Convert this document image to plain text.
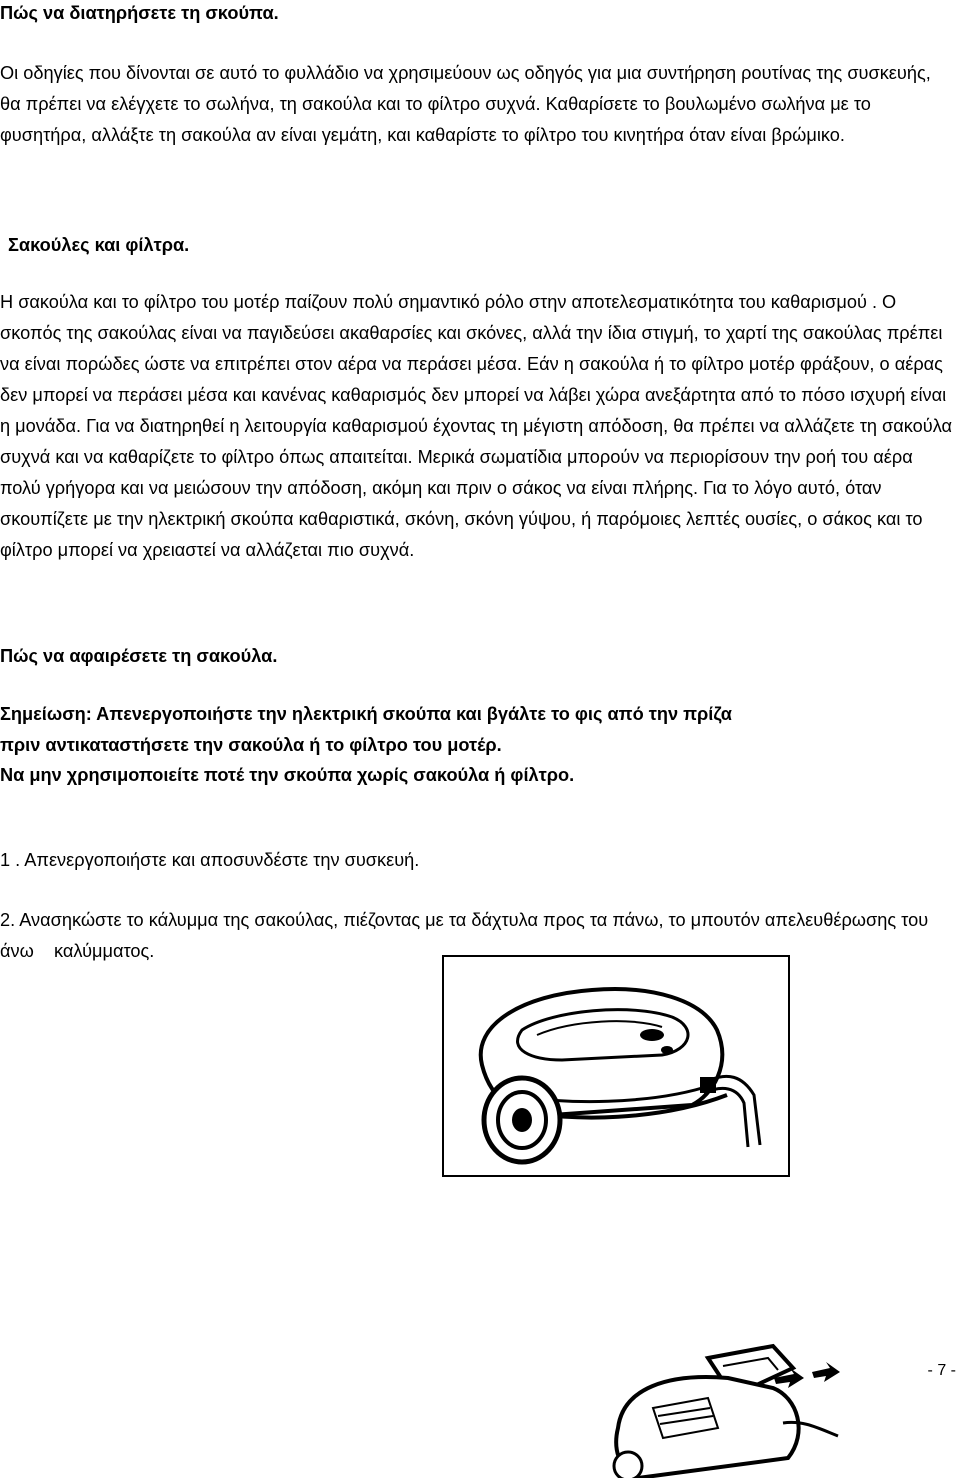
Πώς να διατηρήσετε τη σκούπα.

Οι οδηγίες που δίνονται σε αυτό το φυλλάδιο να χρησιμεύουν ως οδηγός για μια συντήρηση ρουτίνας της συσκευής, θα πρέπει να ελέγχετε το σωλήνα, τη σακούλα και το φίλτρο συχνά. Καθαρίσετε το βουλωμένο σωλήνα με το φυσητήρα, αλλάξτε τη σακούλα αν είναι γεμάτη, και καθαρίστε το φίλτρο του κινητήρα όταν είναι βρώμικο.

Σακούλες και φίλτρα.

Η σακούλα και το φίλτρο του μοτέρ παίζουν πολύ σημαντικό ρόλο στην αποτελεσματικότητα του καθαρισμού . Ο σκοπός της σακούλας είναι να παγιδεύσει ακαθαρσίες και σκόνες, αλλά την ίδια στιγμή, το χαρτί της σακούλας πρέπει να είναι πορώδες ώστε να επιτρέπει στον αέρα να περάσει μέσα. Εάν η σακούλα ή το φίλτρο μοτέρ φράξουν, ο αέρας δεν μπορεί να περάσει μέσα και κανένας καθαρισμός δεν μπορεί να λάβει χώρα ανεξάρτητα από το πόσο ισχυρή είναι η μονάδα. Για να διατηρηθεί η λειτουργία καθαρισμού έχοντας τη μέγιστη απόδοση, θα πρέπει να αλλάζετε τη σακούλα συχνά και να καθαρίζετε το φίλτρο όπως απαιτείται. Μερικά σωματίδια μπορούν να περιορίσουν την ροή του αέρα πολύ γρήγορα και να μειώσουν την απόδοση, ακόμη και πριν ο σάκος να είναι πλήρης. Για το λόγο αυτό, όταν σκουπίζετε με την ηλεκτρική σκούπα καθαριστικά, σκόνη, σκόνη γύψου, ή παρόμοιες λεπτές ουσίες, ο σάκος και το φίλτρο μπορεί να χρειαστεί να αλλάζεται πιο συχνά.

Πώς να αφαιρέσετε τη σακούλα.

Σημείωση: Απενεργοποιήστε την ηλεκτρική σκούπα και βγάλτε το φις από την πρίζα

πριν αντικαταστήσετε την σακούλα ή το φίλτρο του μοτέρ.

Να μην χρησιμοποιείτε ποτέ την σκούπα χωρίς σακούλα ή φίλτρο.

1 . Απενεργοποιήστε και αποσυνδέστε την συσκευή.

2. Ανασηκώστε το κάλυμμα της σακούλας, πιέζοντας με τα δάχτυλα προς τα πάνω, το μπουτόν απελευθέρωσης του άνω    καλύμματος.

- 7 -
